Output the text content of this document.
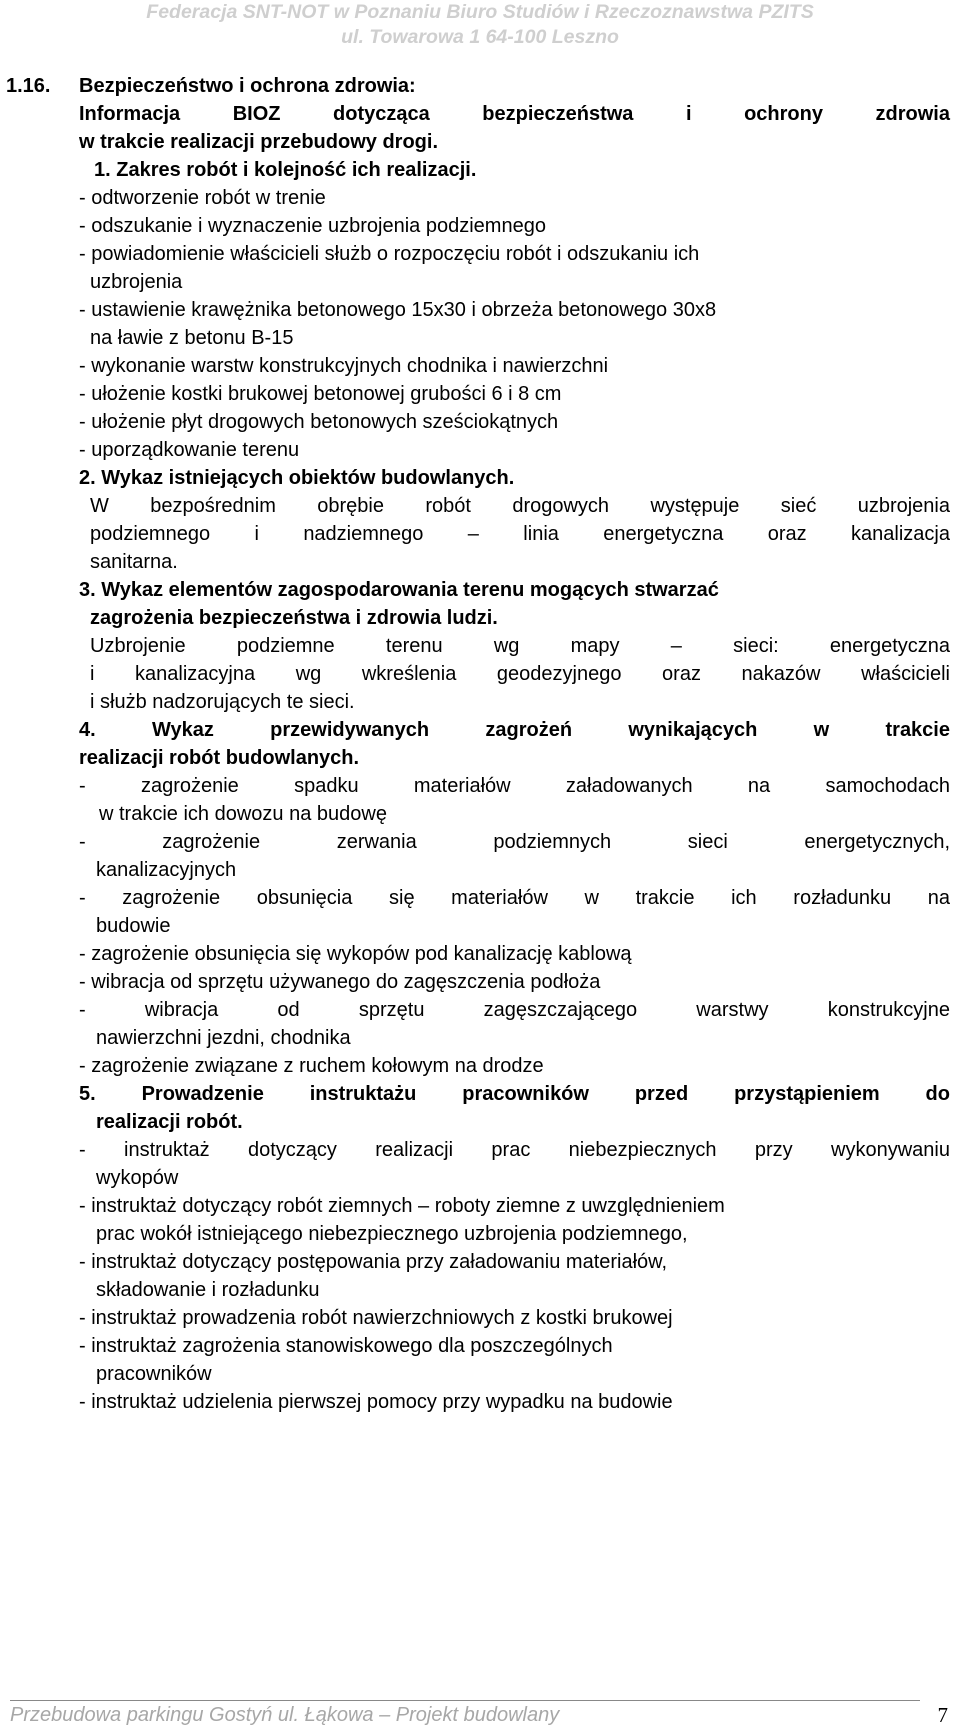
Federacja SNT-NOT w Poznaniu Biuro Studiów i Rzeczoznawstwa PZITS
ul. Towarowa 1 64-100 Leszno
1.16. Bezpieczeństwo i ochrona zdrowia:
Informacja BIOZ dotycząca bezpieczeństwa i ochrony zdrowia
w trakcie realizacji przebudowy drogi.
1. Zakres robót i kolejność ich realizacji.
- odtworzenie robót w trenie
- odszukanie i wyznaczenie uzbrojenia podziemnego
- powiadomienie właścicieli służb o rozpoczęciu robót i odszukaniu ich
uzbrojenia
- ustawienie krawężnika betonowego 15x30 i obrzeża betonowego 30x8
na ławie z betonu B-15
- wykonanie warstw konstrukcyjnych chodnika i nawierzchni
- ułożenie kostki brukowej betonowej grubości 6 i 8 cm
- ułożenie płyt drogowych betonowych sześciokątnych
- uporządkowanie terenu
2. Wykaz istniejących obiektów budowlanych.
W bezpośrednim obrębie robót drogowych występuje sieć uzbrojenia
podziemnego i nadziemnego – linia energetyczna oraz kanalizacja
sanitarna.
3. Wykaz elementów zagospodarowania terenu mogących stwarzać
zagrożenia bezpieczeństwa i zdrowia ludzi.
Uzbrojenie podziemne terenu wg mapy – sieci: energetyczna
i kanalizacyjna wg wkreślenia geodezyjnego oraz nakazów właścicieli
i służb nadzorujących te sieci.
4. Wykaz przewidywanych zagrożeń wynikających w trakcie
realizacji robót budowlanych.
- zagrożenie spadku materiałów załadowanych na samochodach
w trakcie ich dowozu na budowę
- zagrożenie zerwania podziemnych sieci energetycznych,
kanalizacyjnych
- zagrożenie obsunięcia się materiałów w trakcie ich rozładunku na
budowie
- zagrożenie obsunięcia się wykopów pod kanalizację kablową
- wibracja od sprzętu używanego do zagęszczenia podłoża
- wibracja od sprzętu zagęszczającego warstwy konstrukcyjne
nawierzchni jezdni, chodnika
- zagrożenie związane z ruchem kołowym na drodze
5. Prowadzenie instruktażu pracowników przed przystąpieniem do
realizacji robót.
- instruktaż dotyczący realizacji prac niebezpiecznych przy wykonywaniu
wykopów
- instruktaż dotyczący robót ziemnych – roboty ziemne z uwzględnieniem
prac wokół istniejącego niebezpiecznego uzbrojenia podziemnego,
- instruktaż dotyczący postępowania przy załadowaniu materiałów,
składowanie i rozładunku
- instruktaż prowadzenia robót nawierzchniowych z kostki brukowej
- instruktaż zagrożenia stanowiskowego dla poszczególnych
pracowników
- instruktaż udzielenia pierwszej pomocy przy wypadku na budowie
Przebudowa parkingu Gostyń ul. Łąkowa – Projekt budowlany	7
